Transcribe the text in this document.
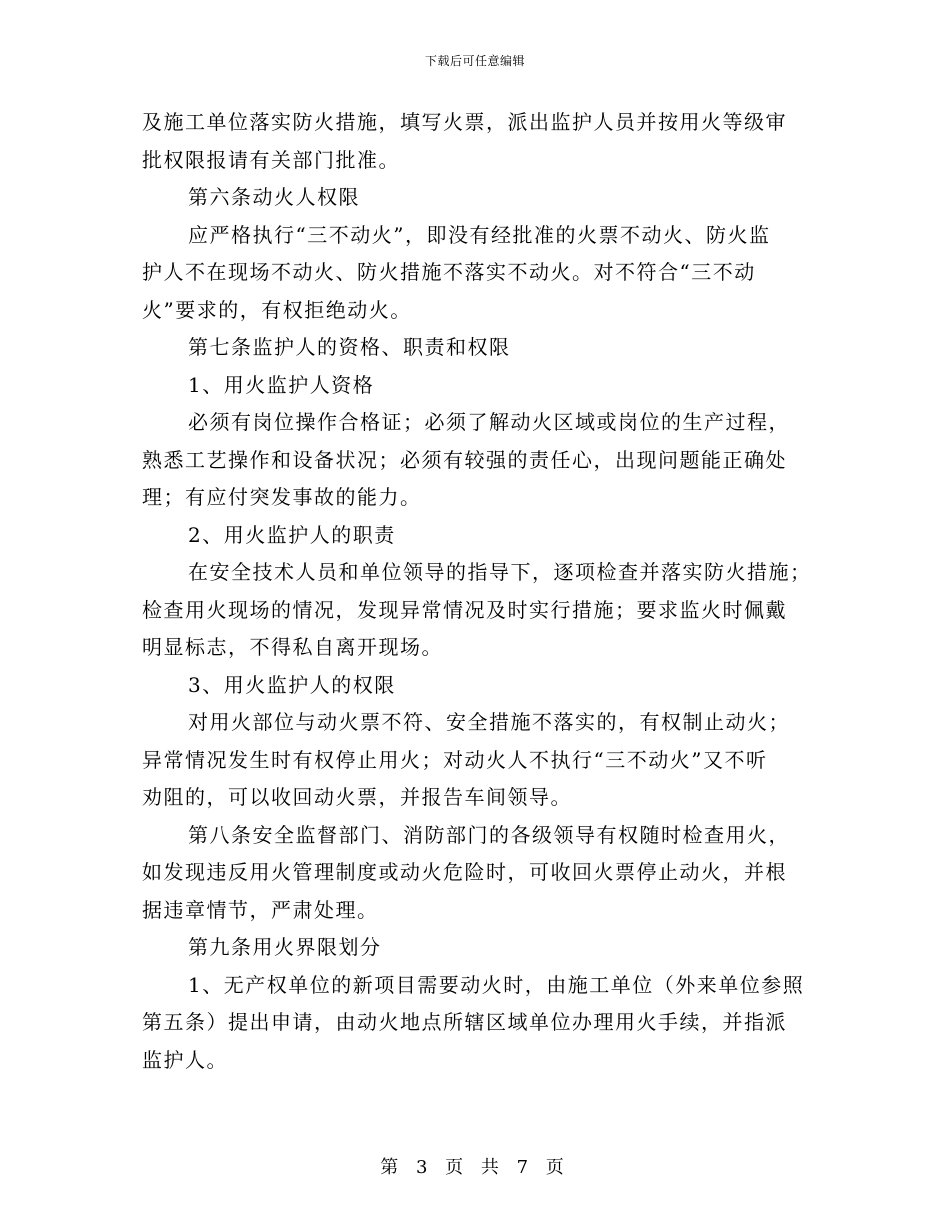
下载后可任意编辑
及施工单位落实防火措施，填写火票，派出监护人员并按用火等级审
批权限报请有关部门批准。
第六条动火人权限
应严格执行“三不动火”，即没有经批准的火票不动火、防火监
护人不在现场不动火、防火措施不落实不动火。对不符合“三不动
火”要求的，有权拒绝动火。
第七条监护人的资格、职责和权限
1、用火监护人资格
必须有岗位操作合格证；必须了解动火区域或岗位的生产过程，
熟悉工艺操作和设备状况；必须有较强的责任心，出现问题能正确处
理；有应付突发事故的能力。
2、用火监护人的职责
在安全技术人员和单位领导的指导下，逐项检查并落实防火措施；
检查用火现场的情况，发现异常情况及时实行措施；要求监火时佩戴
明显标志，不得私自离开现场。
3、用火监护人的权限
对用火部位与动火票不符、安全措施不落实的，有权制止动火；
异常情况发生时有权停止用火；对动火人不执行“三不动火”又不听
劝阻的，可以收回动火票，并报告车间领导。
第八条安全监督部门、消防部门的各级领导有权随时检查用火，
如发现违反用火管理制度或动火危险时，可收回火票停止动火，并根
据违章情节，严肃处理。
第九条用火界限划分
1、无产权单位的新项目需要动火时，由施工单位（外来单位参照
第五条）提出申请，由动火地点所辖区域单位办理用火手续，并指派
监护人。
第 3 页 共 7 页
